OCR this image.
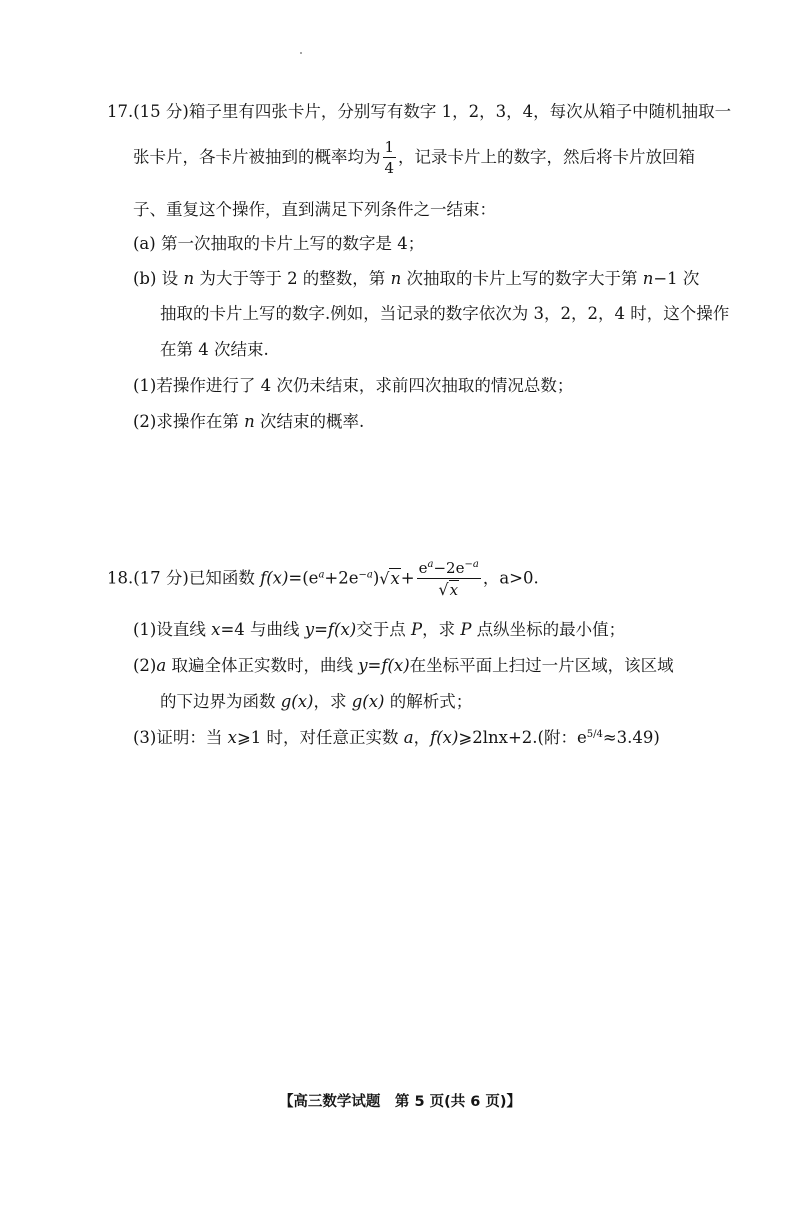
17.(15 分)箱子里有四张卡片，分别写有数字 1，2，3，4，每次从箱子中随机抽取一
张卡片，各卡片被抽到的概率均为 $\frac{1}{4}$ ，记录卡片上的数字，然后将卡片放回箱
子、重复这个操作，直到满足下列条件之一结束：
(a) 第一次抽取的卡片上写的数字是 4；
(b) 设 n 为大于等于 2 的整数，第 n 次抽取的卡片上写的数字大于第 n−1 次
抽取的卡片上写的数字.例如，当记录的数字依次为 3，2，2，4 时，这个操作
在第 4 次结束.
(1)若操作进行了 4 次仍未结束，求前四次抽取的情况总数；
(2)求操作在第 n 次结束的概率.
18.(17 分)已知函数 $f(x)=(e^a+2e^{-a})√x+ \frac{e^a-2e^{-a}}{√x}$ ，a>0.
(1)设直线 x=4 与曲线 y=f(x)交于点 P，求 P 点纵坐标的最小值；
(2)a 取遍全体正实数时，曲线 y=f(x)在坐标平面上扫过一片区域，该区域
的下边界为函数 g(x)，求 g(x) 的解析式；
(3)证明：当 x⩾1 时，对任意正实数 a，f(x)⩾2lnx+2.(附：$e^{5/4}\approx 3.49$)
【高三数学试题　第 5 页(共 6 页)】
